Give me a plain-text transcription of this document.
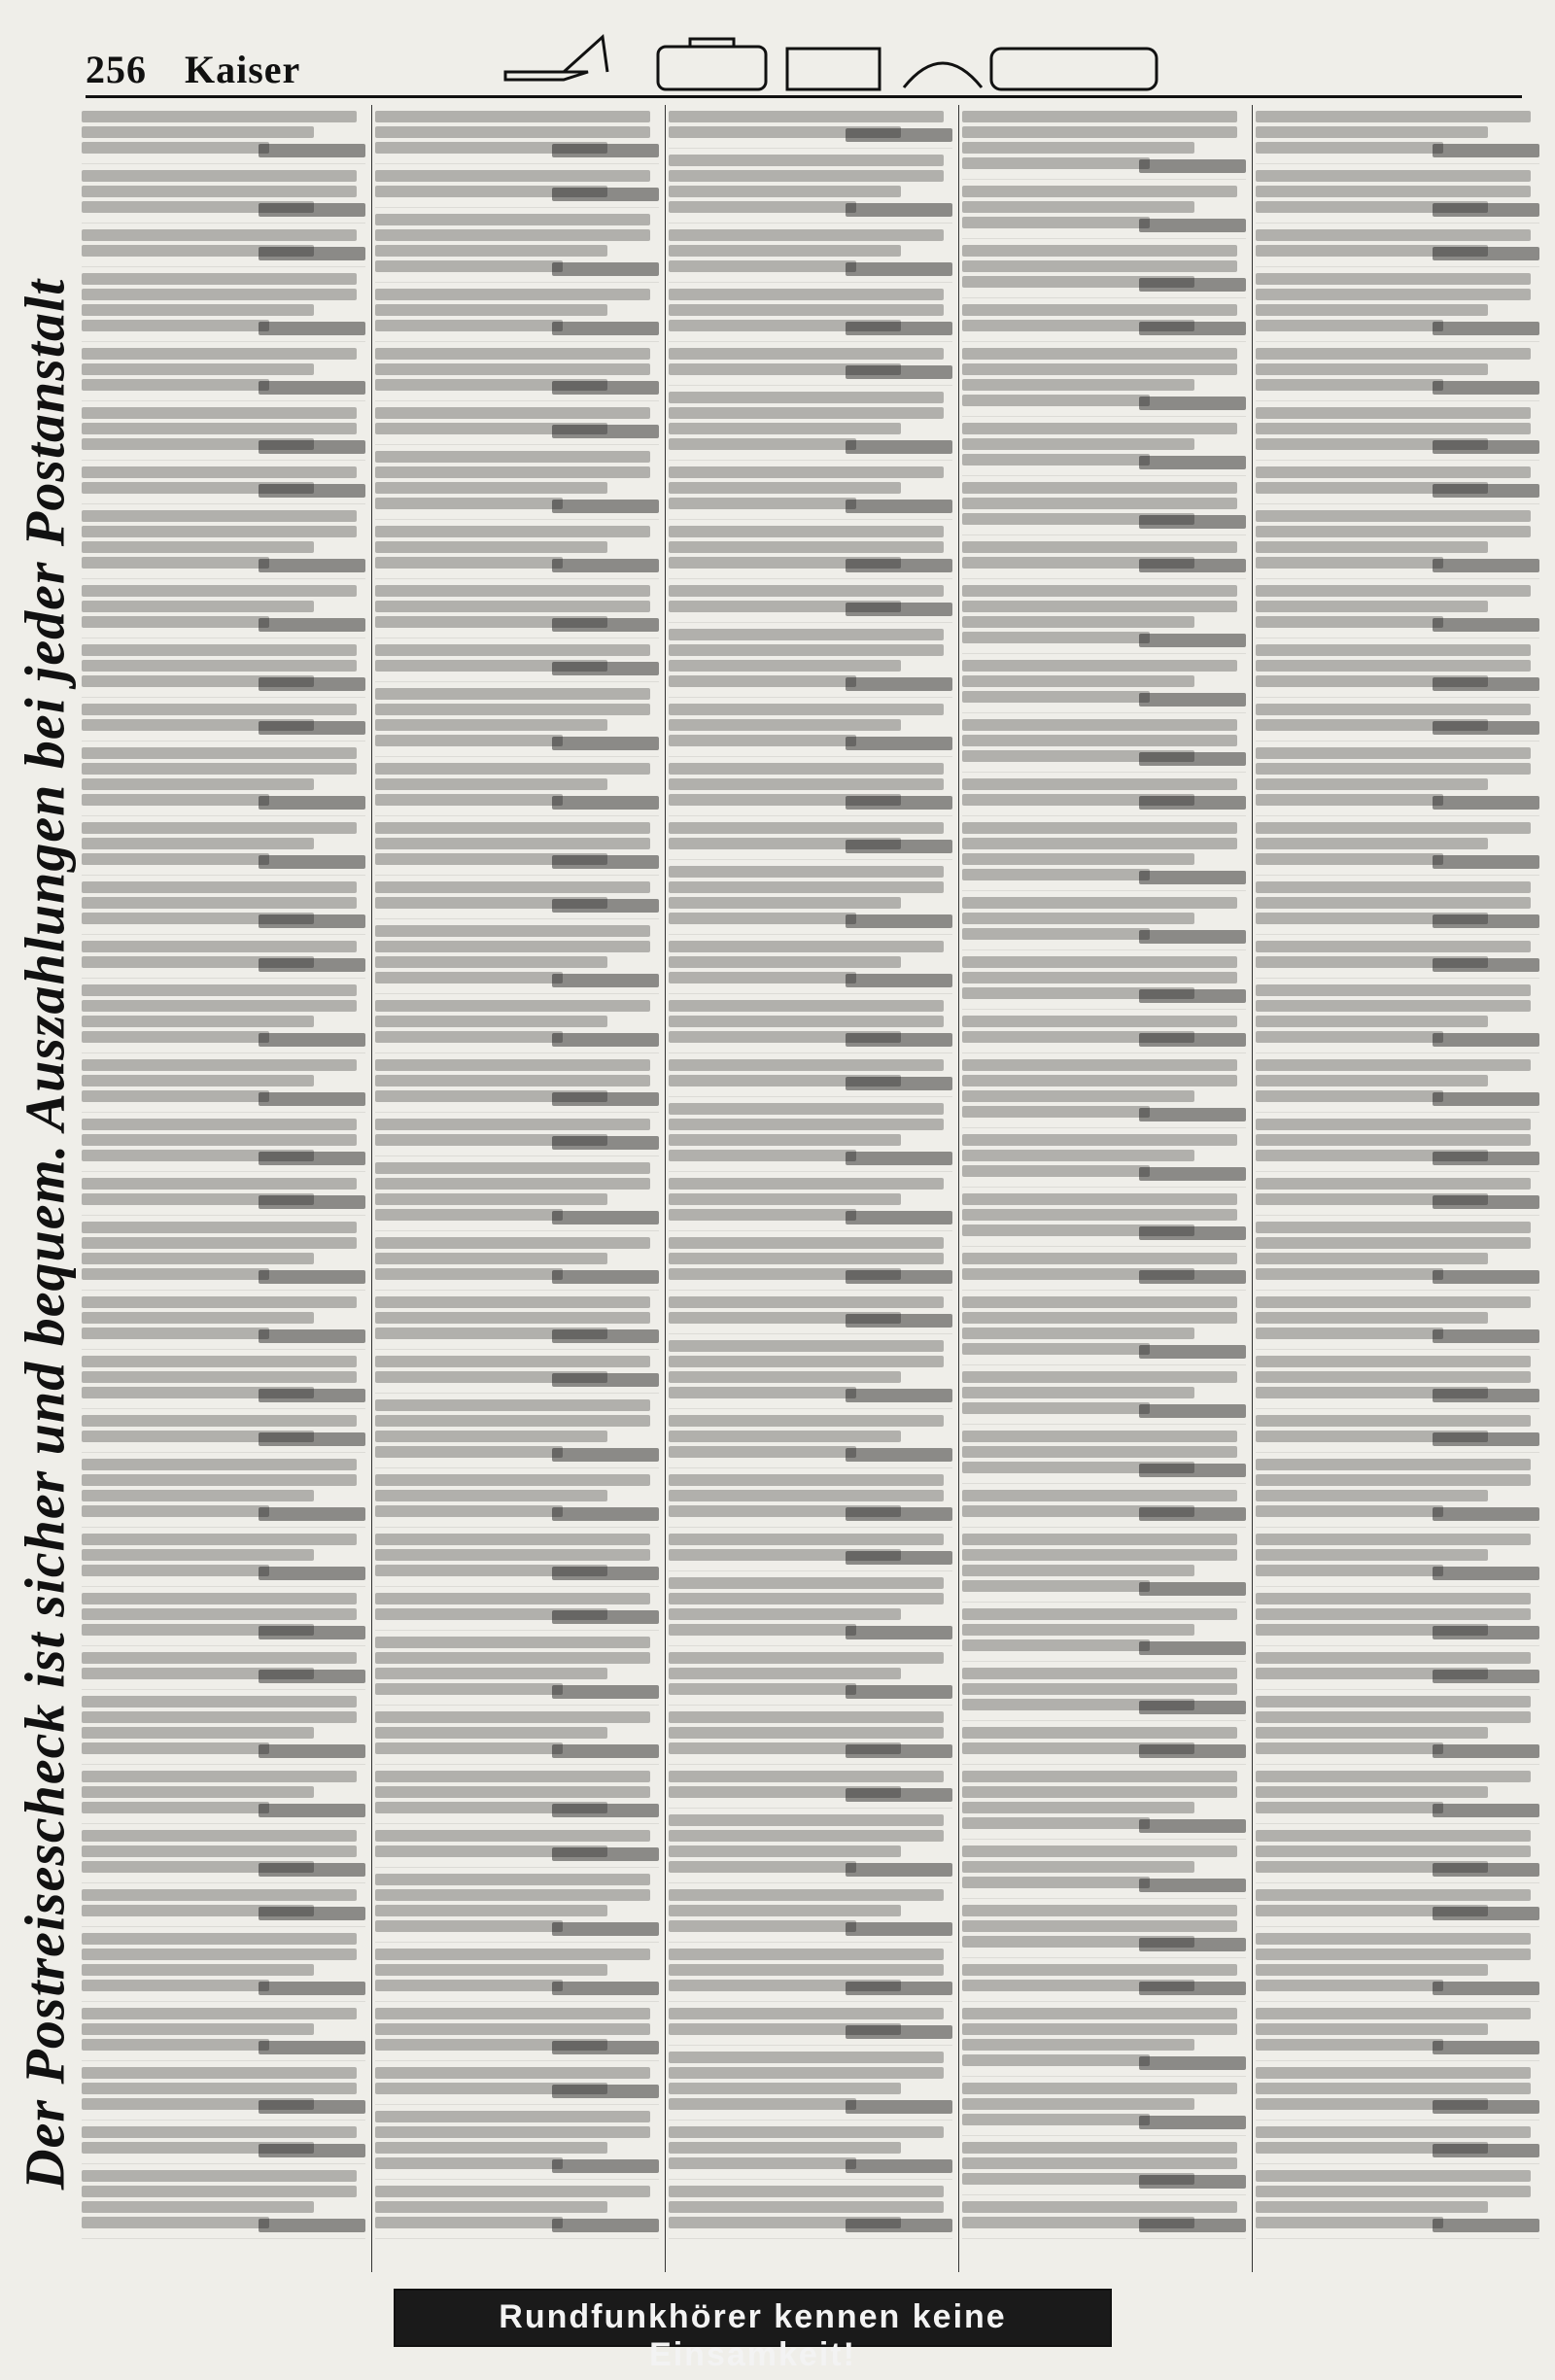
256 Kaiser
Der Postreisescheck ist sicher und bequem. Auszahlungen bei jeder Postanstalt
Rundfunkhörer kennen keine Einsamkeit!
